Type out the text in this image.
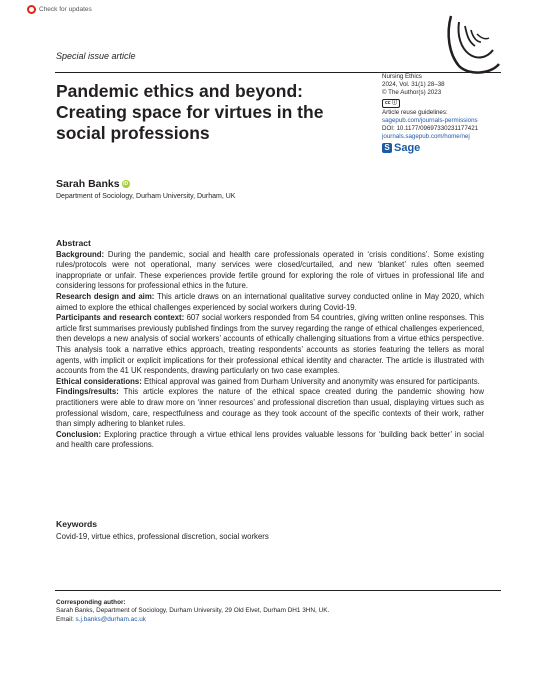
Check for updates
Special issue article
Pandemic ethics and beyond: Creating space for virtues in the social professions
Nursing Ethics
2024, Vol. 31(1) 28–38
© The Author(s) 2023
cc ⓘ
Article reuse guidelines:
sagepub.com/journals-permissions
DOI: 10.1177/09697330231177421
journals.sagepub.com/home/nej
S Sage
Sarah Banks iD
Department of Sociology, Durham University, Durham, UK
Abstract

Background: During the pandemic, social and health care professionals operated in ‘crisis conditions’. Some existing rules/protocols were not operational, many services were closed/curtailed, and new ‘blanket’ rules often seemed inappropriate or unfair. These experiences provide fertile ground for exploring the role of virtues in professional life and considering lessons for professional ethics in the future.

Research design and aim: This article draws on an international qualitative survey conducted online in May 2020, which aimed to explore the ethical challenges experienced by social workers during Covid-19.

Participants and research context: 607 social workers responded from 54 countries, giving written online responses. This article first summarises previously published findings from the survey regarding the range of ethical challenges experienced, then develops a new analysis of social workers’ accounts of ethically challenging situations from a virtue ethics perspective. This analysis took a narrative ethics approach, treating respondents’ accounts as stories featuring the tellers as moral agents, with implicit or explicit implications for their professional ethical identity and character. The article is illustrated with accounts from the 41 UK respondents, drawing particularly on two case examples.

Ethical considerations: Ethical approval was gained from Durham University and anonymity was ensured for participants.

Findings/results: This article explores the nature of the ethical space created during the pandemic showing how practitioners were able to draw more on ‘inner resources’ and professional discretion than usual, displaying virtues such as professional wisdom, care, respectfulness and courage as they took account of the specific contexts of their work, rather than simply adhering to blanket rules.

Conclusion: Exploring practice through a virtue ethical lens provides valuable lessons for ‘building back better’ in social and health care professions.

Keywords
Covid-19, virtue ethics, professional discretion, social workers
Corresponding author:
Sarah Banks, Department of Sociology, Durham University, 29 Old Elvet, Durham DH1 3HN, UK.
Email: s.j.banks@durham.ac.uk
